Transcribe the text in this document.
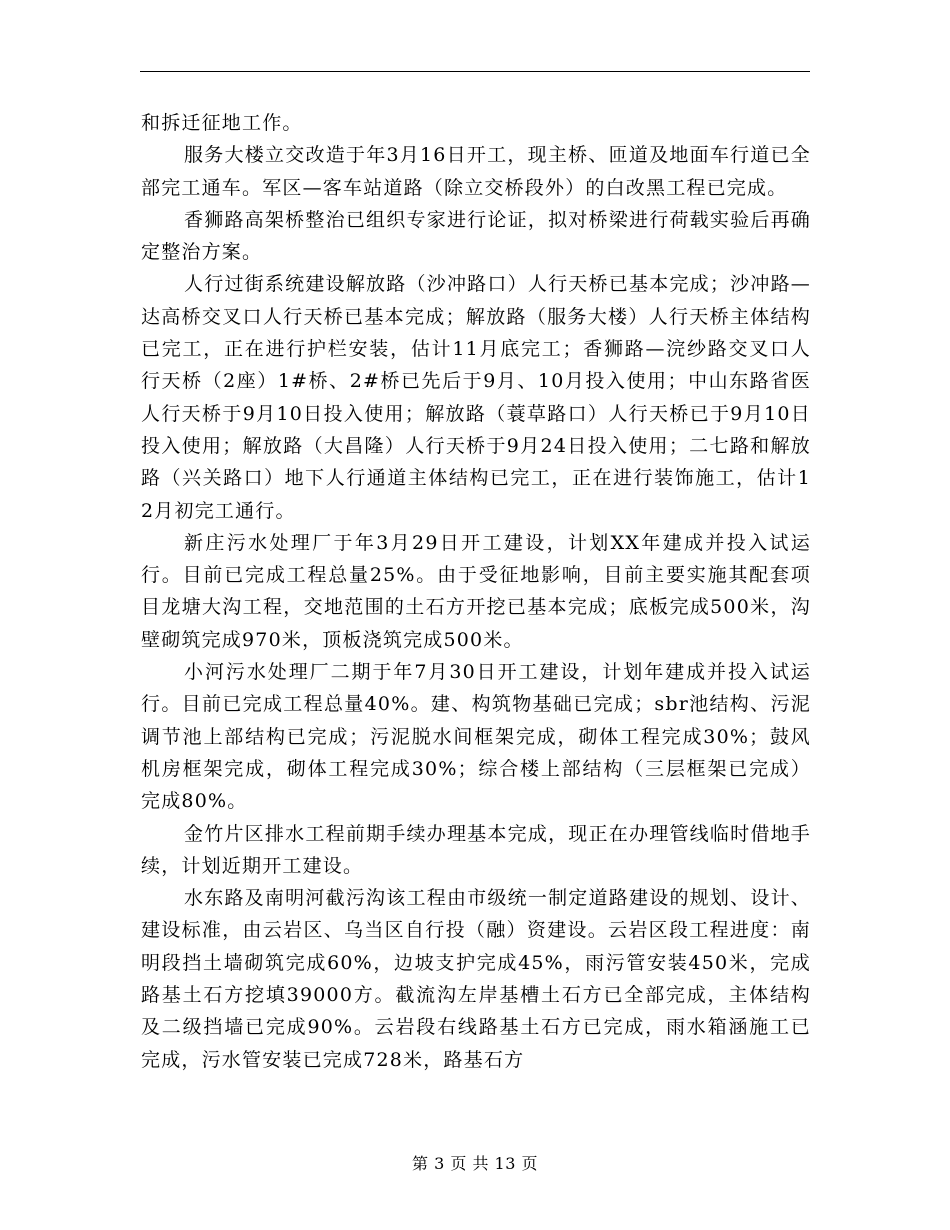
和拆迁征地工作。

服务大楼立交改造于年3月16日开工，现主桥、匝道及地面车行道已全部完工通车。军区—客车站道路（除立交桥段外）的白改黑工程已完成。

香狮路高架桥整治已组织专家进行论证，拟对桥梁进行荷载实验后再确定整治方案。

人行过街系统建设解放路（沙冲路口）人行天桥已基本完成；沙冲路—达高桥交叉口人行天桥已基本完成；解放路（服务大楼）人行天桥主体结构已完工，正在进行护栏安装，估计11月底完工；香狮路—浣纱路交叉口人行天桥（2座）1#桥、2#桥已先后于9月、10月投入使用；中山东路省医人行天桥于9月10日投入使用；解放路（蓑草路口）人行天桥已于9月10日投入使用；解放路（大昌隆）人行天桥于9月24日投入使用；二七路和解放路（兴关路口）地下人行通道主体结构已完工，正在进行装饰施工，估计12月初完工通行。

新庄污水处理厂于年3月29日开工建设，计划XX年建成并投入试运行。目前已完成工程总量25%。由于受征地影响，目前主要实施其配套项目龙塘大沟工程，交地范围的土石方开挖已基本完成；底板完成500米，沟壁砌筑完成970米，顶板浇筑完成500米。

小河污水处理厂二期于年7月30日开工建设，计划年建成并投入试运行。目前已完成工程总量40%。建、构筑物基础已完成；sbr池结构、污泥调节池上部结构已完成；污泥脱水间框架完成，砌体工程完成30%；鼓风机房框架完成，砌体工程完成30%；综合楼上部结构（三层框架已完成）完成80%。

金竹片区排水工程前期手续办理基本完成，现正在办理管线临时借地手续，计划近期开工建设。

水东路及南明河截污沟该工程由市级统一制定道路建设的规划、设计、建设标准，由云岩区、乌当区自行投（融）资建设。云岩区段工程进度：南明段挡土墙砌筑完成60%，边坡支护完成45%，雨污管安装450米，完成路基土石方挖填39000方。截流沟左岸基槽土石方已全部完成，主体结构及二级挡墙已完成90%。云岩段右线路基土石方已完成，雨水箱涵施工已完成，污水管安装已完成728米，路基石方

第 3 页 共 13 页
